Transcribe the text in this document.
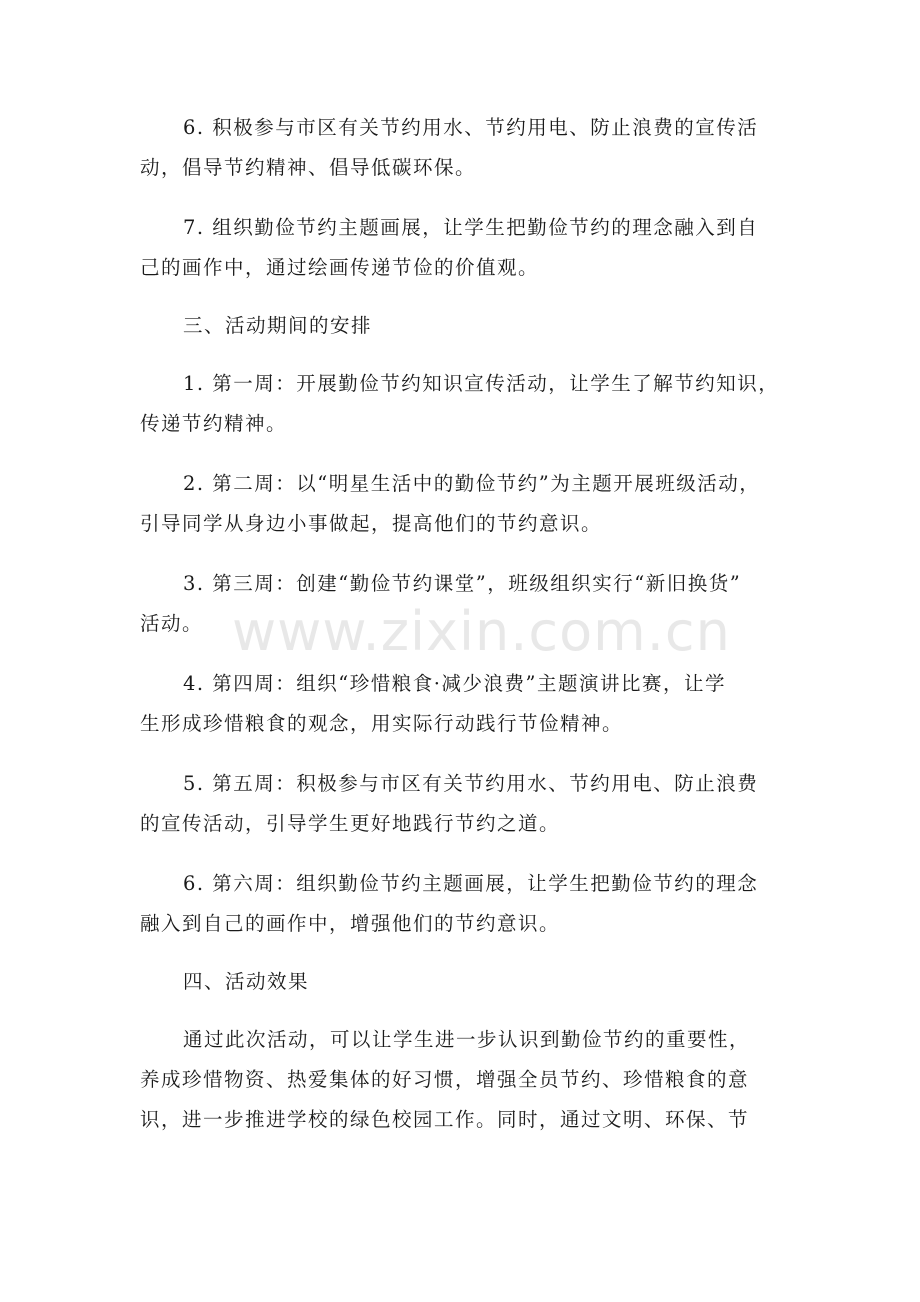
6. 积极参与市区有关节约用水、节约用电、防止浪费的宣传活
动，倡导节约精神、倡导低碳环保。

7. 组织勤俭节约主题画展，让学生把勤俭节约的理念融入到自
己的画作中，通过绘画传递节俭的价值观。

三、活动期间的安排

1. 第一周：开展勤俭节约知识宣传活动，让学生了解节约知识，
传递节约精神。

2. 第二周：以“明星生活中的勤俭节约”为主题开展班级活动，
引导同学从身边小事做起，提高他们的节约意识。

3. 第三周：创建“勤俭节约课堂”，班级组织实行“新旧换货”
活动。

4. 第四周：组织“珍惜粮食·减少浪费”主题演讲比赛，让学
生形成珍惜粮食的观念，用实际行动践行节俭精神。

5. 第五周：积极参与市区有关节约用水、节约用电、防止浪费
的宣传活动，引导学生更好地践行节约之道。

6. 第六周：组织勤俭节约主题画展，让学生把勤俭节约的理念
融入到自己的画作中，增强他们的节约意识。

四、活动效果

通过此次活动，可以让学生进一步认识到勤俭节约的重要性，
养成珍惜物资、热爱集体的好习惯，增强全员节约、珍惜粮食的意
识，进一步推进学校的绿色校园工作。同时，通过文明、环保、节

www.zixin.com.cn
